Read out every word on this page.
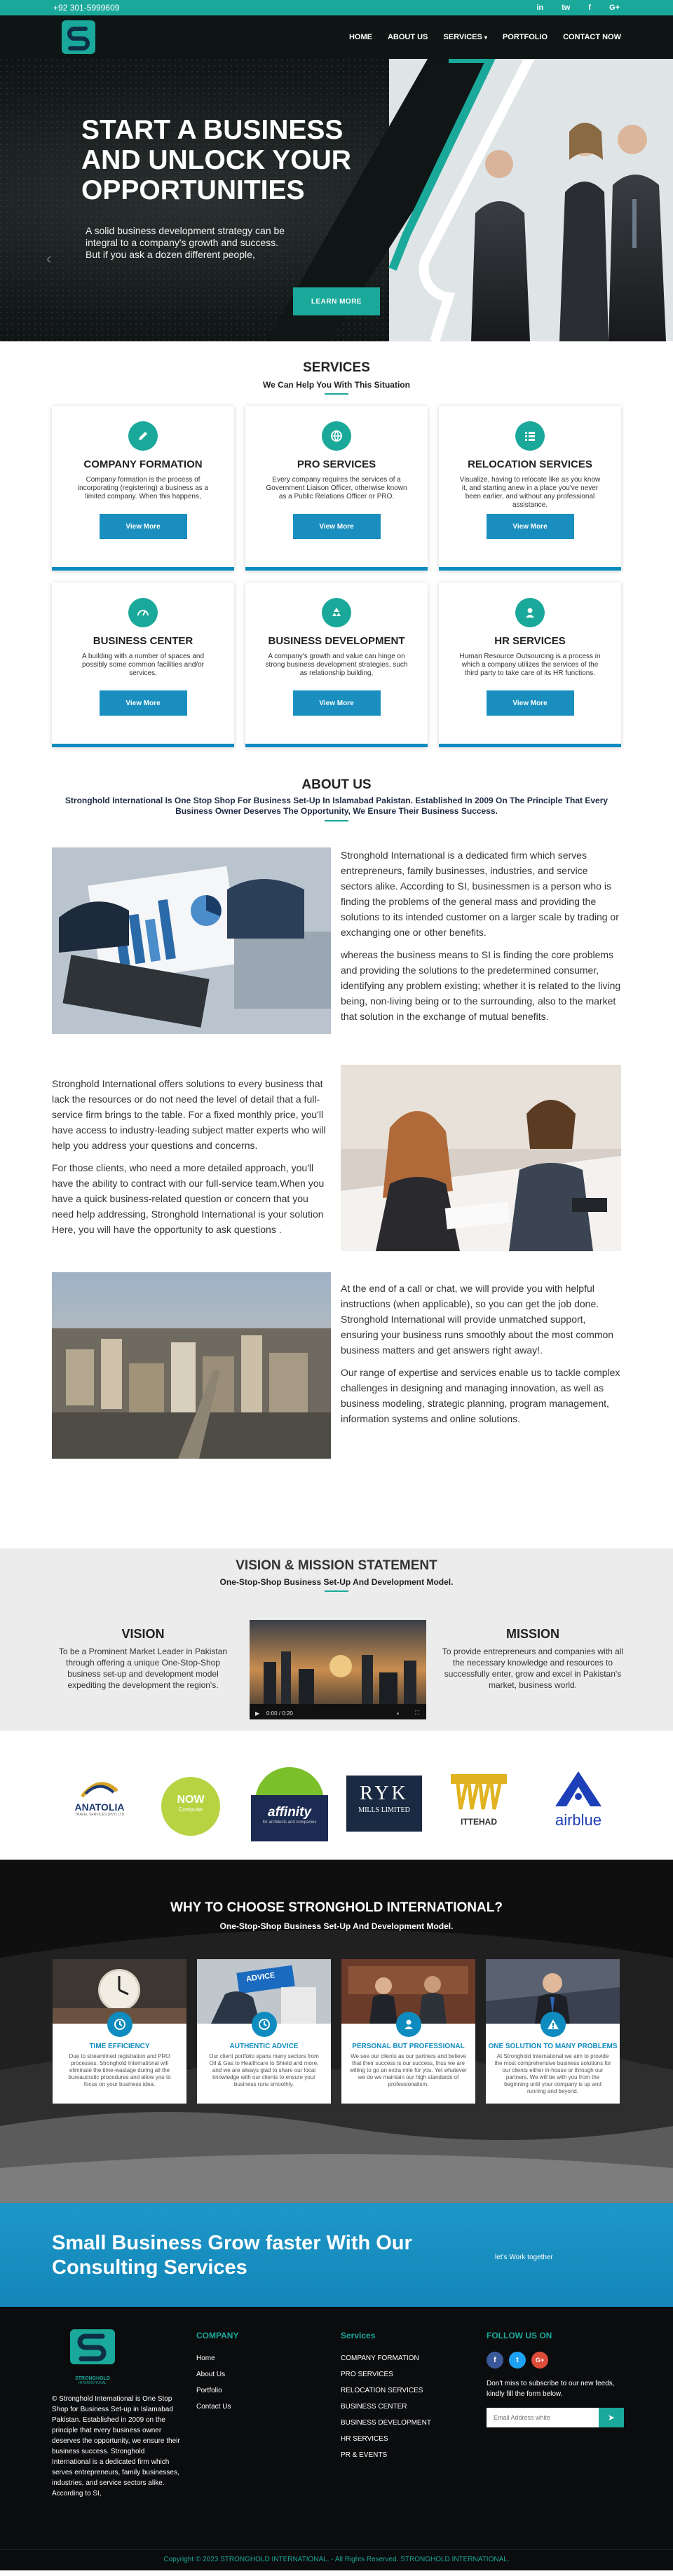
+92 301-5999609	in tw f G+
HOME ABOUT US SERVICES ▾ PORTFOLIO CONTACT NOW
‹
START A BUSINESS AND UNLOCK YOUR OPPORTUNITIES

A solid business development strategy can be integral to a company's growth and success. But if you ask a dozen different people,

LEARN MORE
SERVICES
We Can Help You With This Situation
COMPANY FORMATION

Company formation is the process of incorporating (registering) a business as a limited company. When this happens,

View More
PRO SERVICES

Every company requires the services of a Government Liaison Officer, otherwise known as a Public Relations Officer or PRO.

View More
RELOCATION SERVICES

Visualize, having to relocate like as you know it, and starting anew in a place you've never been earlier, and without any professional assistance.

View More
BUSINESS CENTER

A building with a number of spaces and possibly some common facilities and/or services.

View More
BUSINESS DEVELOPMENT

A company's growth and value can hinge on strong business development strategies, such as relationship building,

View More
HR SERVICES

Human Resource Outsourcing is a process in which a company utilizes the services of the third party to take care of its HR functions.

View More
ABOUT US
Stronghold International Is One Stop Shop For Business Set-Up In Islamabad Pakistan. Established In 2009 On The Principle That Every Business Owner Deserves The Opportunity, We Ensure Their Business Success.

Stronghold International is a dedicated firm which serves entrepreneurs, family businesses, industries, and service sectors alike. According to SI, businessmen is a person who is finding the problems of the general mass and providing the solutions to its intended customer on a larger scale by trading or exchanging one or other benefits.

whereas the business means to SI is finding the core problems and providing the solutions to the predetermined consumer, identifying any problem existing; whether it is related to the living being, non-living being or to the surrounding, also to the market that solution in the exchange of mutual benefits.

Stronghold International offers solutions to every business that lack the resources or do not need the level of detail that a full-service firm brings to the table. For a fixed monthly price, you'll have access to industry-leading subject matter experts who will help you address your questions and concerns.

For those clients, who need a more detailed approach, you'll have the ability to contract with our full-service team.When you have a quick business-related question or concern that you need help addressing, Stronghold International is your solution Here, you will have the opportunity to ask questions .

At the end of a call or chat, we will provide you with helpful instructions (when applicable), so you can get the job done. Stronghold International will provide unmatched support, ensuring your business runs smoothly about the most common business matters and get answers right away!.

Our range of expertise and services enable us to tackle complex challenges in designing and managing innovation, as well as business modeling, strategic planning, program management, information systems and online solutions.

VISION & MISSION STATEMENT
One-Stop-Shop Business Set-Up And Development Model.
VISION
To be a Prominent Market Leader in Pakistan through offering a unique One-Stop-Shop business set-up and development model expediting the development the region's.
▶ 0:00 / 0:20	◖	⛶
MISSION
To provide entrepreneurs and companies with all the necessary knowledge and resources to successfully enter, grow and excel in Pakistan's market, business world.
ANATOLIA
TRAVEL SERVICES (PVT) LTD
NOW
Computer	affinity
for architects and companies
RYK
MILLS LIMITED
ITTEHAD	airblue
WHY TO CHOOSE STRONGHOLD INTERNATIONAL?
One-Stop-Shop Business Set-Up And Development Model.
TIME EFFICIENCY

Due to streamlined registration and PRO processes, Stronghold International will eliminate the time-wastage during all the bureaucratic procedures and allow you to focus on your business idea.

ADVICE
AUTHENTIC ADVICE

Our client portfolio spans many sectors from Oil & Gas to Healthcare to Shield and more, and we are always glad to share our local knowledge with our clients to ensure your business runs smoothly.

PERSONAL BUT PROFESSIONAL

We see our clients as our partners and believe that their success is our success, thus we are willing to go an extra mile for you. Yet whatever we do we maintain our high standards of professionalism.

ONE SOLUTION TO MANY PROBLEMS

At Stronghold International we aim to provide the most comprehensive business solutions for our clients either in-house or through our partners. We will be with you from the beginning until your company is up and running and beyond.

Small Business Grow faster With Our Consulting Services	let's Work together
STRONGHOLD
INTERNATIONAL
© Stronghold International is One Stop Shop for Business Set-up in Islamabad Pakistan. Established in 2009 on the principle that every business owner deserves the opportunity, we ensure their business success. Stronghold International is a dedicated firm which serves entrepreneurs, family businesses, industries, and service sectors alike. According to SI,
COMPANY
Home
About Us
Portfolio
Contact Us
Services
COMPANY FORMATION
PRO SERVICES
RELOCATION SERVICES
BUSINESS CENTER
BUSINESS DEVELOPMENT
HR SERVICES
PR & EVENTS
FOLLOW US ON
f	t	G+
Don't miss to subscribe to our new feeds, kindly fill the form below.
Email Address white
➤
Copyright © 2023 STRONGHOLD INTERNATIONAL. - All Rights Reserved. STRONGHOLD INTERNATIONAL.
